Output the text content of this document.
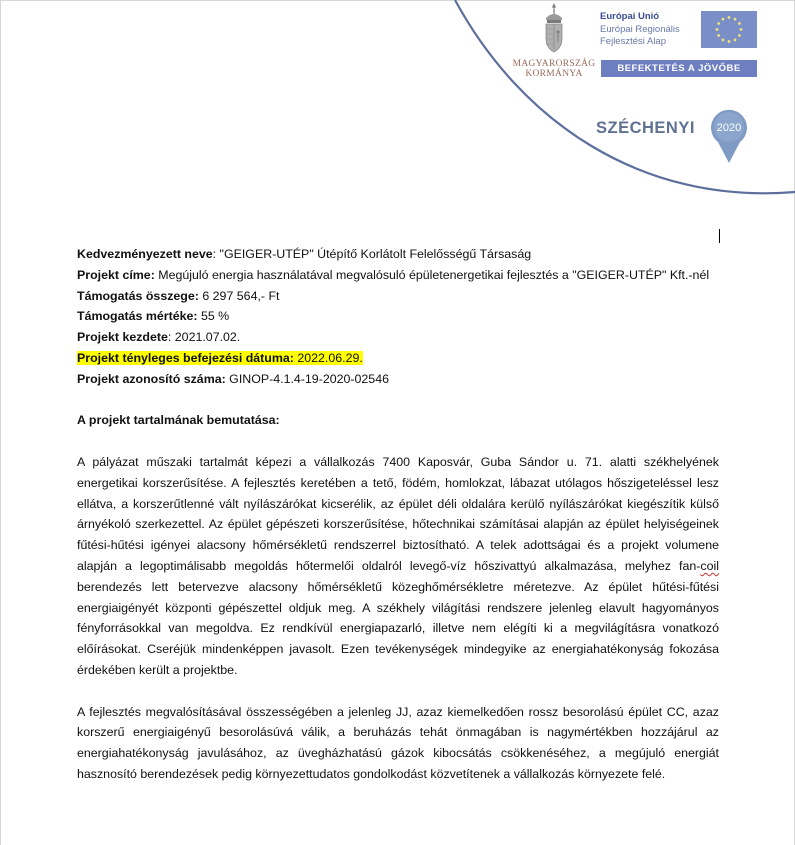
MAGYARORSZÁG
KORMÁNYA
Európai Unió
Európai Regionális
Fejlesztési Alap
BEFEKTETÉS A JÖVŐBE
SZÉCHENYI 2020

Kedvezményezett neve: "GEIGER-UTÉP" Útépítő Korlátolt Felelősségű Társaság

Projekt címe: Megújuló energia használatával megvalósuló épületenergetikai fejlesztés a "GEIGER-UTÉP" Kft.-nél

Támogatás összege: 6 297 564,- Ft

Támogatás mértéke: 55 %

Projekt kezdete: 2021.07.02.

Projekt tényleges befejezési dátuma: 2022.06.29.

Projekt azonosító száma: GINOP-4.1.4-19-2020-02546

A projekt tartalmának bemutatása:

A pályázat műszaki tartalmát képezi a vállalkozás 7400 Kaposvár, Guba Sándor u. 71. alatti székhelyének energetikai korszerűsítése. A fejlesztés keretében a tető, födém, homlokzat, lábazat utólagos hőszigeteléssel lesz ellátva, a korszerűtlenné vált nyílászárókat kicserélik, az épület déli oldalára kerülő nyílászárókat kiegészítik külső árnyékoló szerkezettel. Az épület gépészeti korszerűsítése, hőtechnikai számításai alapján az épület helyiségeinek fűtési-hűtési igényei alacsony hőmérsékletű rendszerrel biztosítható. A telek adottságai és a projekt volumene alapján a legoptimálisabb megoldás hőtermelői oldalról levegő-víz hőszivattyú alkalmazása, melyhez fan-coil berendezés lett betervezve alacsony hőmérsékletű közeghőmérsékletre méretezve. Az épület hűtési-fűtési energiaigényét központi gépészettel oldjuk meg. A székhely világítási rendszere jelenleg elavult hagyományos fényforrásokkal van megoldva. Ez rendkívül energiapazarló, illetve nem elégíti ki a megvilágításra vonatkozó előírásokat. Cseréjük mindenképpen javasolt. Ezen tevékenységek mindegyike az energiahatékonyság fokozása érdekében került a projektbe.

A fejlesztés megvalósításával összességében a jelenleg JJ, azaz kiemelkedően rossz besorolású épület CC, azaz korszerű energiaigényű besorolásúvá válik, a beruházás tehát önmagában is nagymértékben hozzájárul az energiahatékonyság javulásához, az üvegházhatású gázok kibocsátás csökkenéséhez, a megújuló energiát hasznosító berendezések pedig környezettudatos gondolkodást közvetítenek a vállalkozás környezete felé.
